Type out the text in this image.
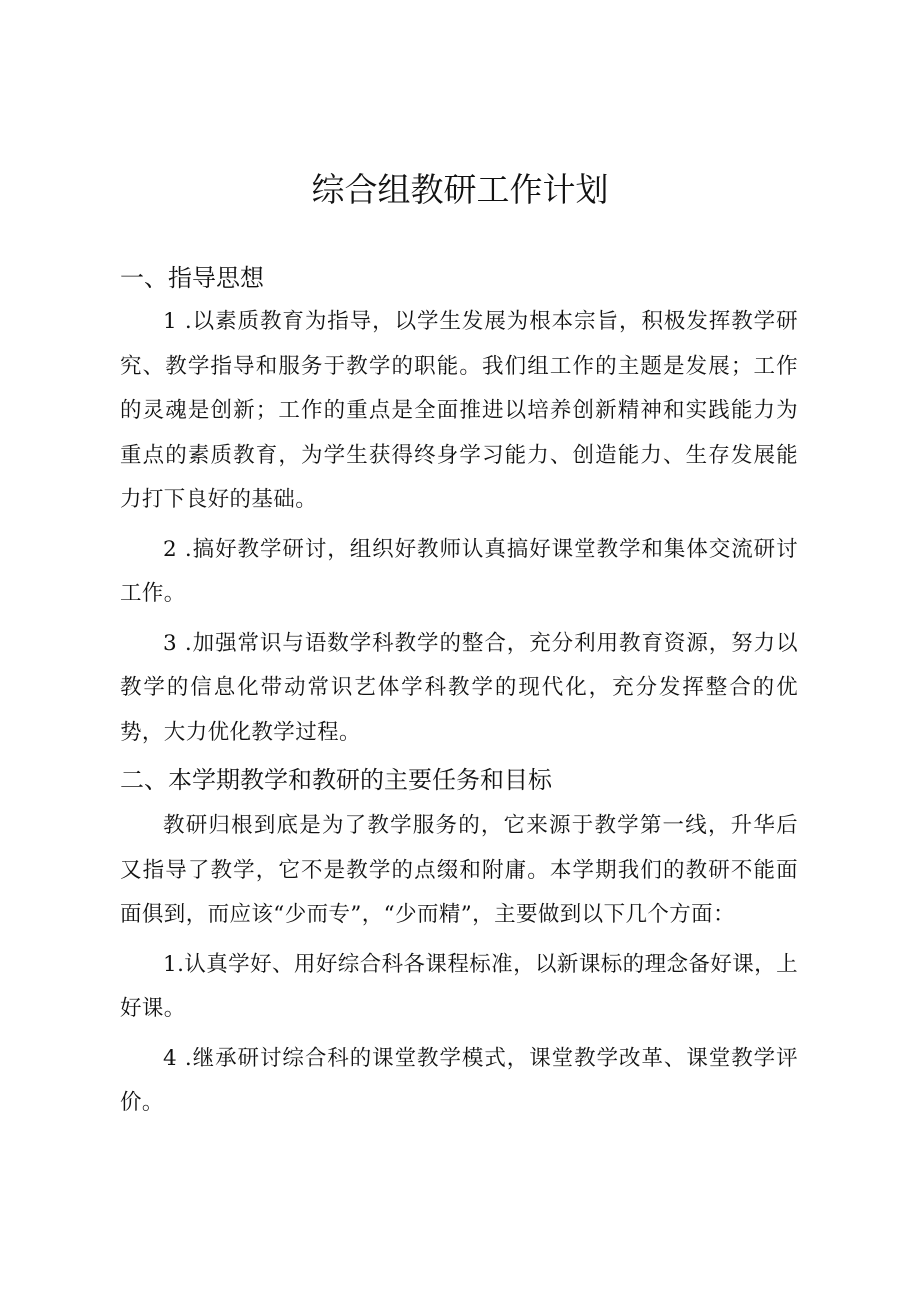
综合组教研工作计划
一、指导思想

1 .以素质教育为指导，以学生发展为根本宗旨，积极发挥教学研究、教学指导和服务于教学的职能。我们组工作的主题是发展；工作的灵魂是创新；工作的重点是全面推进以培养创新精神和实践能力为重点的素质教育，为学生获得终身学习能力、创造能力、生存发展能力打下良好的基础。

2 .搞好教学研讨，组织好教师认真搞好课堂教学和集体交流研讨工作。

3 .加强常识与语数学科教学的整合，充分利用教育资源，努力以教学的信息化带动常识艺体学科教学的现代化，充分发挥整合的优势，大力优化教学过程。

二、本学期教学和教研的主要任务和目标

教研归根到底是为了教学服务的，它来源于教学第一线，升华后又指导了教学，它不是教学的点缀和附庸。本学期我们的教研不能面面俱到，而应该“少而专”，“少而精”，主要做到以下几个方面：

1.认真学好、用好综合科各课程标准，以新课标的理念备好课，上好课。

4 .继承研讨综合科的课堂教学模式，课堂教学改革、课堂教学评价。
